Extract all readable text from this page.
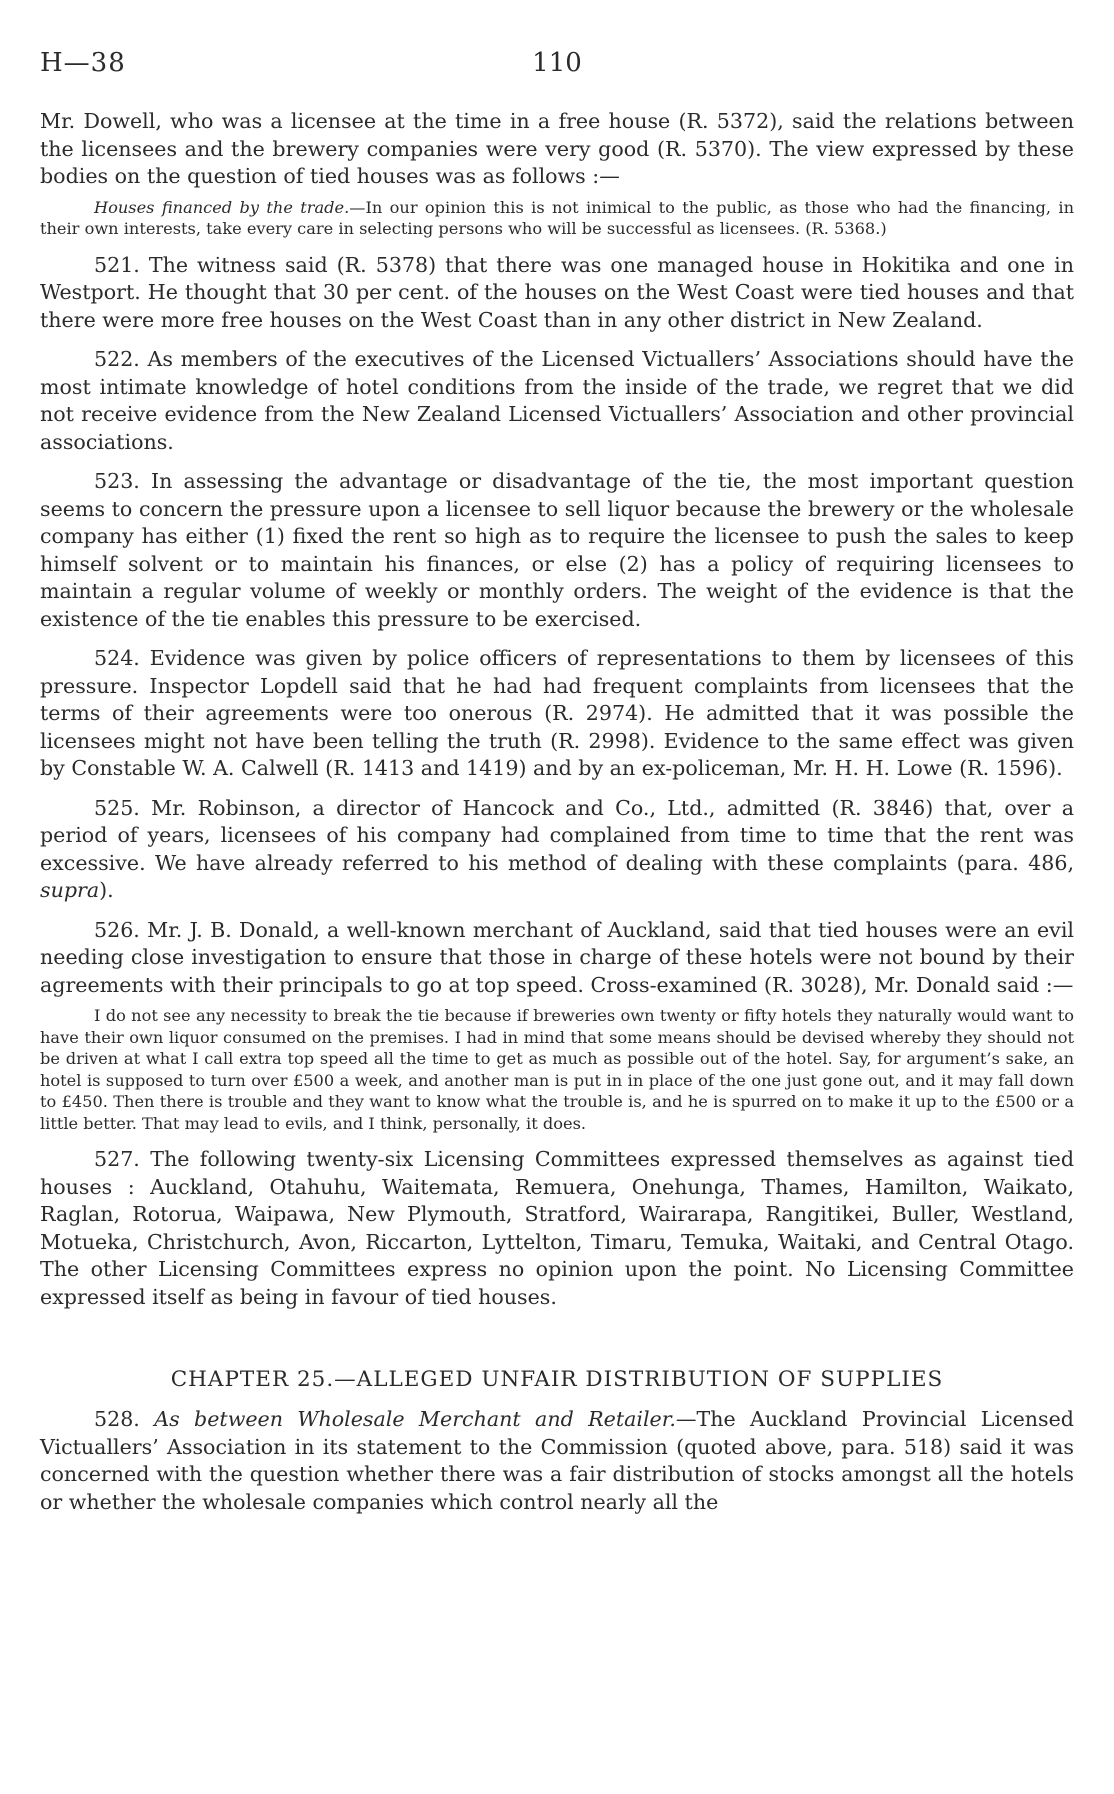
H—38	110

Mr. Dowell, who was a licensee at the time in a free house (R. 5372), said the relations between the licensees and the brewery companies were very good (R. 5370). The view expressed by these bodies on the question of tied houses was as follows :—

Houses financed by the trade.—In our opinion this is not inimical to the public, as those who had the financing, in their own interests, take every care in selecting persons who will be successful as licensees. (R. 5368.)

521. The witness said (R. 5378) that there was one managed house in Hokitika and one in Westport. He thought that 30 per cent. of the houses on the West Coast were tied houses and that there were more free houses on the West Coast than in any other district in New Zealand.

522. As members of the executives of the Licensed Victuallers’ Associations should have the most intimate knowledge of hotel conditions from the inside of the trade, we regret that we did not receive evidence from the New Zealand Licensed Victuallers’ Association and other provincial associations.

523. In assessing the advantage or disadvantage of the tie, the most important question seems to concern the pressure upon a licensee to sell liquor because the brewery or the wholesale company has either (1) fixed the rent so high as to require the licensee to push the sales to keep himself solvent or to maintain his finances, or else (2) has a policy of requiring licensees to maintain a regular volume of weekly or monthly orders. The weight of the evidence is that the existence of the tie enables this pressure to be exercised.

524. Evidence was given by police officers of representations to them by licensees of this pressure. Inspector Lopdell said that he had had frequent complaints from licensees that the terms of their agreements were too onerous (R. 2974). He admitted that it was possible the licensees might not have been telling the truth (R. 2998). Evidence to the same effect was given by Constable W. A. Calwell (R. 1413 and 1419) and by an ex-policeman, Mr. H. H. Lowe (R. 1596).

525. Mr. Robinson, a director of Hancock and Co., Ltd., admitted (R. 3846) that, over a period of years, licensees of his company had complained from time to time that the rent was excessive. We have already referred to his method of dealing with these complaints (para. 486, supra).

526. Mr. J. B. Donald, a well-known merchant of Auckland, said that tied houses were an evil needing close investigation to ensure that those in charge of these hotels were not bound by their agreements with their principals to go at top speed. Cross-examined (R. 3028), Mr. Donald said :—

I do not see any necessity to break the tie because if breweries own twenty or fifty hotels they naturally would want to have their own liquor consumed on the premises. I had in mind that some means should be devised whereby they should not be driven at what I call extra top speed all the time to get as much as possible out of the hotel. Say, for argument’s sake, an hotel is supposed to turn over £500 a week, and another man is put in in place of the one just gone out, and it may fall down to £450. Then there is trouble and they want to know what the trouble is, and he is spurred on to make it up to the £500 or a little better. That may lead to evils, and I think, personally, it does.

527. The following twenty-six Licensing Committees expressed themselves as against tied houses : Auckland, Otahuhu, Waitemata, Remuera, Onehunga, Thames, Hamilton, Waikato, Raglan, Rotorua, Waipawa, New Plymouth, Stratford, Wairarapa, Rangitikei, Buller, Westland, Motueka, Christchurch, Avon, Riccarton, Lyttelton, Timaru, Temuka, Waitaki, and Central Otago. The other Licensing Committees express no opinion upon the point. No Licensing Committee expressed itself as being in favour of tied houses.

CHAPTER 25.—ALLEGED UNFAIR DISTRIBUTION OF SUPPLIES

528. As between Wholesale Merchant and Retailer.—The Auckland Provincial Licensed Victuallers’ Association in its statement to the Commission (quoted above, para. 518) said it was concerned with the question whether there was a fair distribution of stocks amongst all the hotels or whether the wholesale companies which control nearly all the
